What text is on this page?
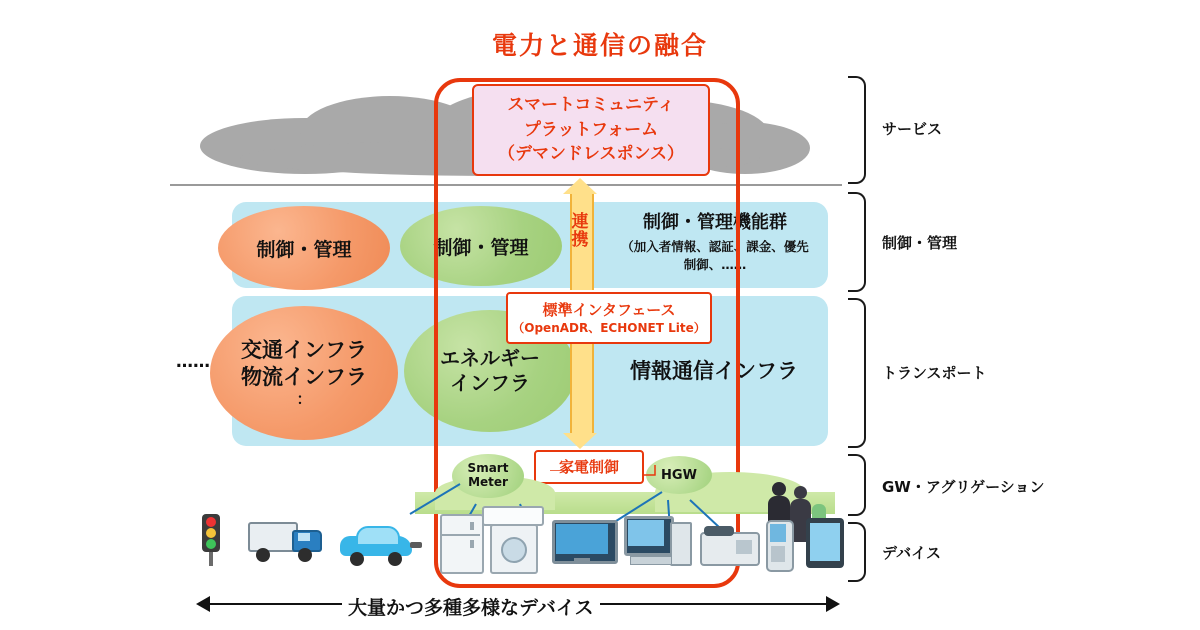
電力と通信の融合
制御・管理	制御・管理
制御・管理機能群
（加入者情報、認証、課金、優先
制御、……
交通インフラ
物流インフラ
：
エネルギー
インフラ	情報通信インフラ
……
スマートコミュニティ
プラットフォーム
（デマンドレスポンス）
連携
標準インタフェース
（OpenADR、ECHONET Lite）
家電制御
Smart
Meter	HGW
サービス
制御・管理
トランスポート
GW・アグリゲーション
デバイス
大量かつ多種多様なデバイス
